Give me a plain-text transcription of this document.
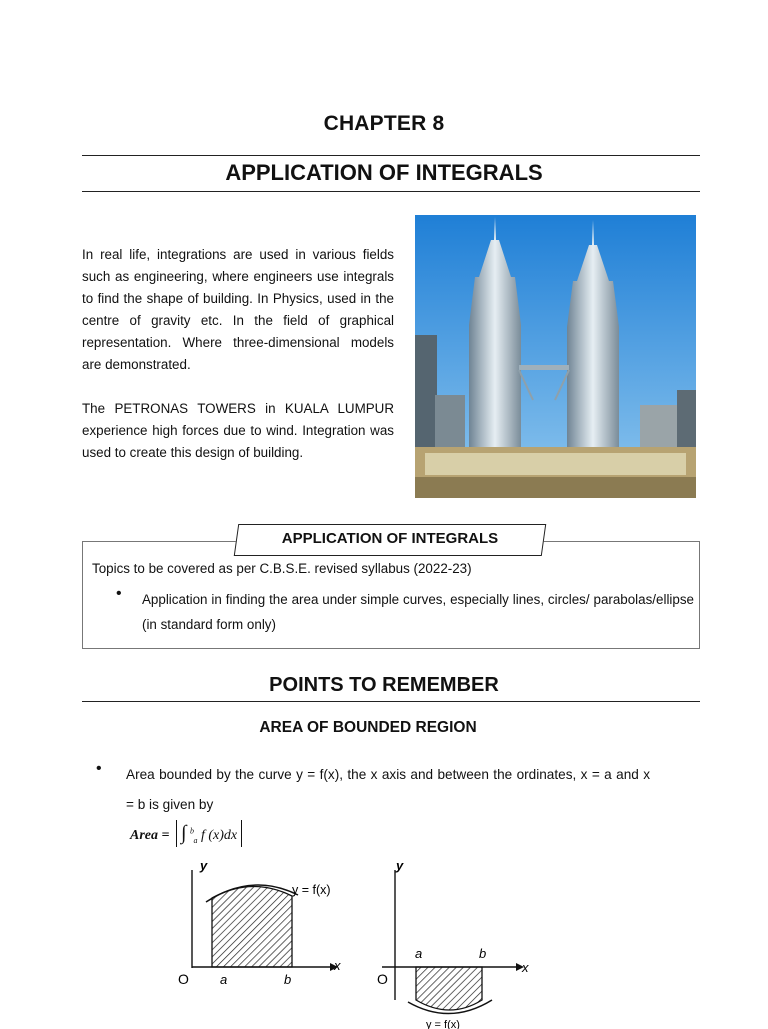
CHAPTER 8
APPLICATION OF INTEGRALS
In real life, integrations are used in various fields such as engineering, where engineers use integrals to find the shape of building. In Physics, used in the centre of gravity etc. In the field of graphical representation. Where three-dimensional models are demonstrated.
The PETRONAS TOWERS in KUALA LUMPUR experience high forces due to wind. Integration was used to create this design of building.
APPLICATION OF INTEGRALS
Topics to be covered as per C.B.S.E. revised syllabus (2022-23)
• Application in finding the area under simple curves, especially lines, circles/ parabolas/ellipse (in standard form only)
POINTS TO REMEMBER
AREA OF BOUNDED REGION
• Area bounded by the curve y = f(x), the x axis and between the ordinates, x = a and x = b is given by
Area = ∫ $^b$ $_a$ f (x)dx
y
x
O a	b
y = f(x)
y
x
O
a	b
y = f(x)
